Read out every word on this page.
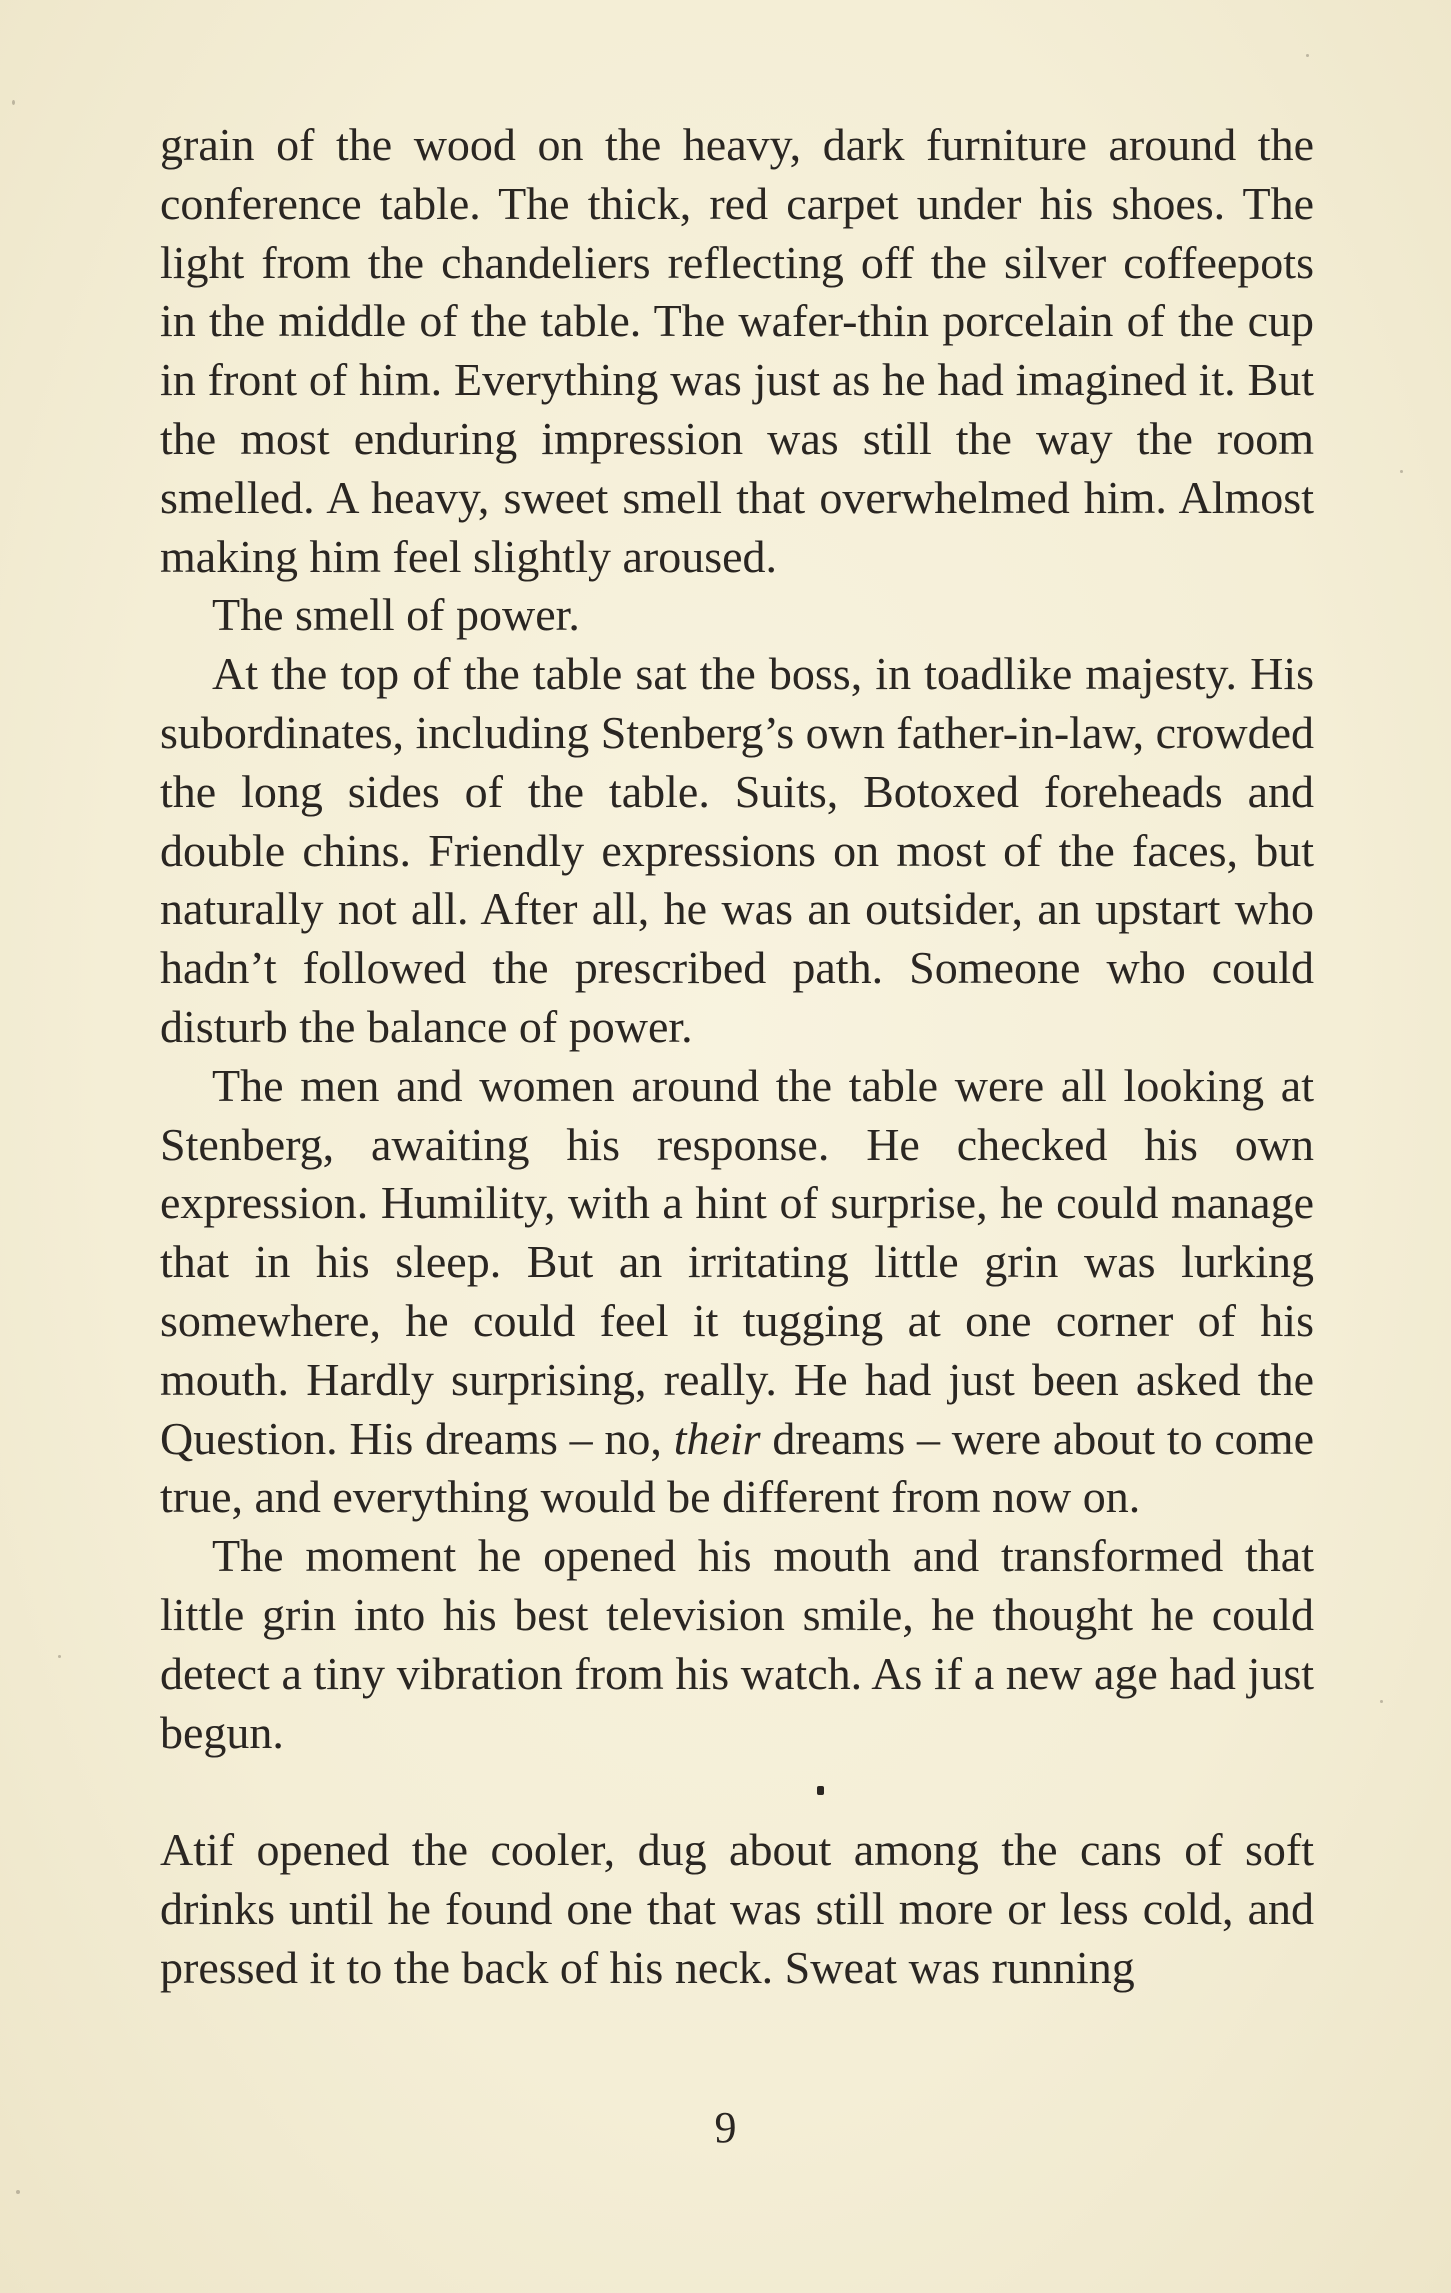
grain of the wood on the heavy, dark furniture around the conference table. The thick, red carpet under his shoes. The light from the chandeliers reflecting off the silver coffeepots in the middle of the table. The wafer-thin porcelain of the cup in front of him. Everything was just as he had imagined it. But the most enduring impression was still the way the room smelled. A heavy, sweet smell that overwhelmed him. Almost making him feel slightly aroused.

The smell of power.

At the top of the table sat the boss, in toadlike majesty. His subordinates, including Stenberg’s own father-in-law, crowded the long sides of the table. Suits, Botoxed foreheads and double chins. Friendly expressions on most of the faces, but naturally not all. After all, he was an outsider, an upstart who hadn’t followed the prescribed path. Someone who could disturb the balance of power.

The men and women around the table were all looking at Stenberg, awaiting his response. He checked his own expression. Humility, with a hint of surprise, he could manage that in his sleep. But an irritating little grin was lurking somewhere, he could feel it tugging at one corner of his mouth. Hardly surprising, really. He had just been asked the Question. His dreams – no, their dreams – were about to come true, and everything would be different from now on.

The moment he opened his mouth and transformed that little grin into his best television smile, he thought he could detect a tiny vibration from his watch. As if a new age had just begun.

Atif opened the cooler, dug about among the cans of soft drinks until he found one that was still more or less cold, and pressed it to the back of his neck. Sweat was running

9
